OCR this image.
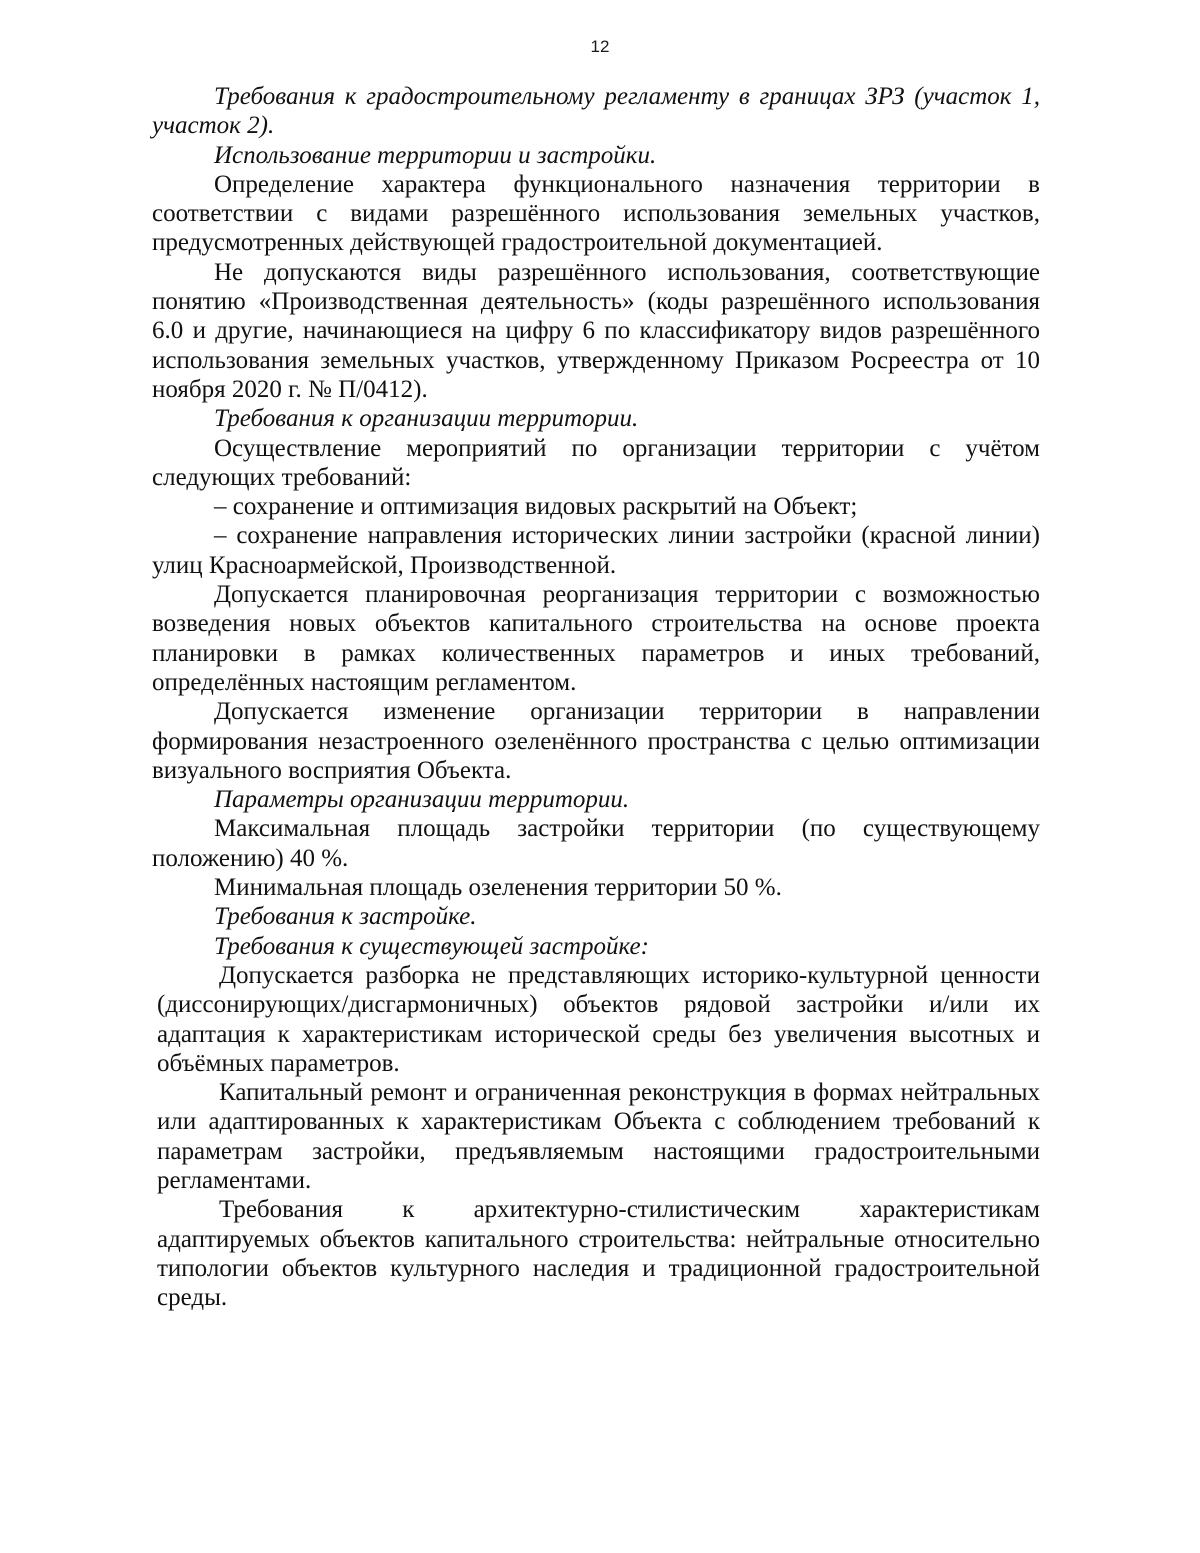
12

Требования к градостроительному регламенту в границах ЗРЗ (участок 1, участок 2).

Использование территории и застройки.

Определение характера функционального назначения территории в соответствии с видами разрешённого использования земельных участков, предусмотренных действующей градостроительной документацией.

Не допускаются виды разрешённого использования, соответствующие понятию «Производственная деятельность» (коды разрешённого использования 6.0 и другие, начинающиеся на цифру 6 по классификатору видов разрешённого использования земельных участков, утвержденному Приказом Росреестра от 10 ноября 2020 г. № П/0412).

Требования к организации территории.

Осуществление мероприятий по организации территории с учётом следующих требований:

– сохранение и оптимизация видовых раскрытий на Объект;

– сохранение направления исторических линии застройки (красной линии) улиц Красноармейской, Производственной.

Допускается планировочная реорганизация территории с возможностью возведения новых объектов капитального строительства на основе проекта планировки в рамках количественных параметров и иных требований, определённых настоящим регламентом.

Допускается изменение организации территории в направлении формирования незастроенного озеленённого пространства с целью оптимизации визуального восприятия Объекта.

Параметры организации территории.

Максимальная площадь застройки территории (по существующему положению) 40 %.

Минимальная площадь озеленения территории 50 %.

Требования к застройке.

Требования к существующей застройке:

Допускается разборка не представляющих историко-культурной ценности (диссонирующих/дисгармоничных) объектов рядовой застройки и/или их адаптация к характеристикам исторической среды без увеличения высотных и объёмных параметров.

Капитальный ремонт и ограниченная реконструкция в формах нейтральных или адаптированных к характеристикам Объекта с соблюдением требований к параметрам застройки, предъявляемым настоящими градостроительными регламентами.

Требования к архитектурно-стилистическим характеристикам адаптируемых объектов капитального строительства: нейтральные относительно типологии объектов культурного наследия и традиционной градостроительной среды.
